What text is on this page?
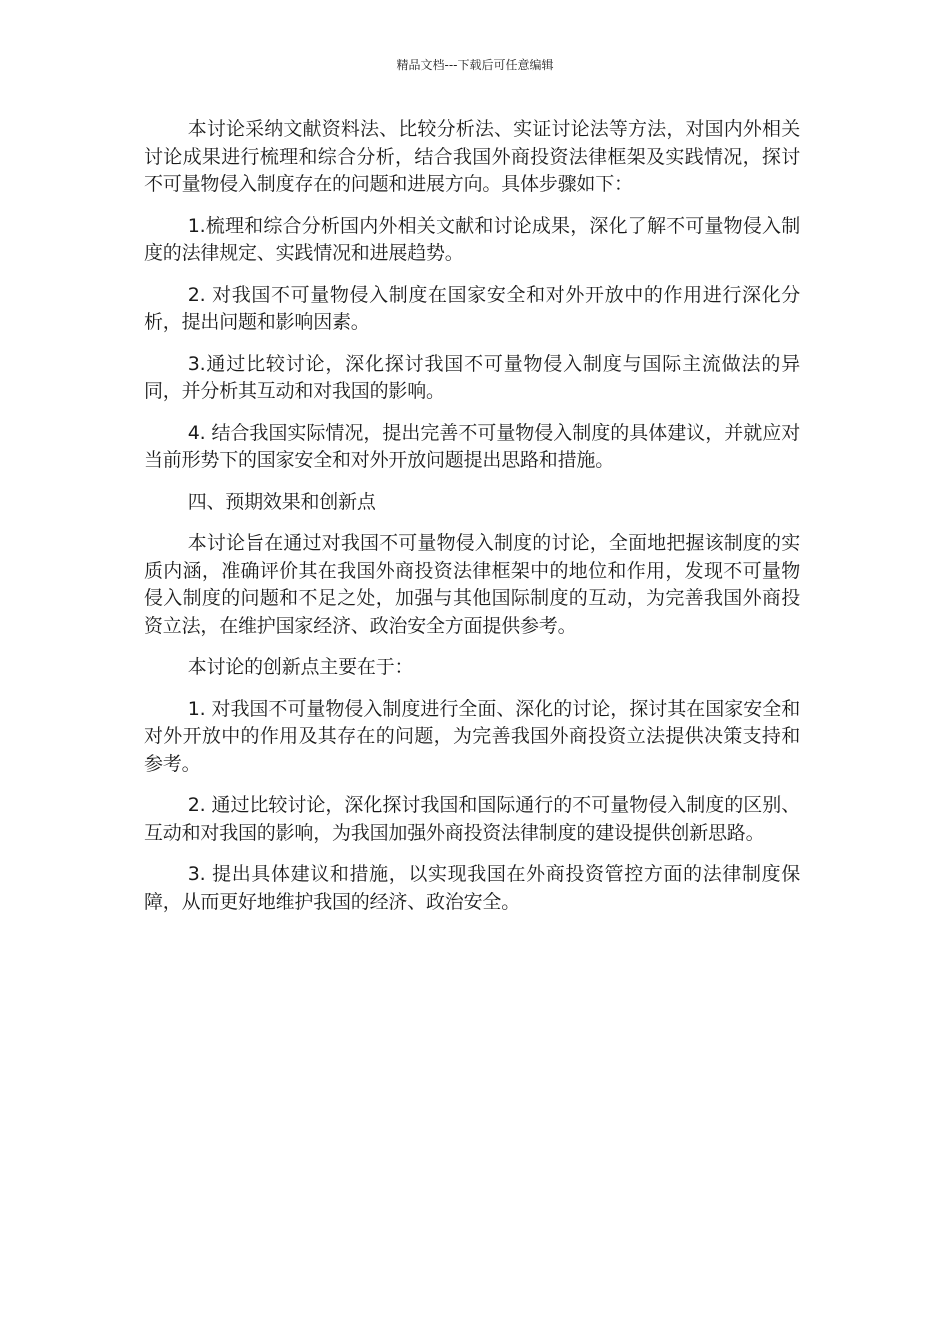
精品文档---下载后可任意编辑

本讨论采纳文献资料法、比较分析法、实证讨论法等方法，对国内外相关讨论成果进行梳理和综合分析，结合我国外商投资法律框架及实践情况，探讨不可量物侵入制度存在的问题和进展方向。具体步骤如下：

1.梳理和综合分析国内外相关文献和讨论成果，深化了解不可量物侵入制度的法律规定、实践情况和进展趋势。

2. 对我国不可量物侵入制度在国家安全和对外开放中的作用进行深化分析，提出问题和影响因素。

3.通过比较讨论，深化探讨我国不可量物侵入制度与国际主流做法的异同，并分析其互动和对我国的影响。

4. 结合我国实际情况，提出完善不可量物侵入制度的具体建议，并就应对当前形势下的国家安全和对外开放问题提出思路和措施。

四、预期效果和创新点

本讨论旨在通过对我国不可量物侵入制度的讨论，全面地把握该制度的实质内涵，准确评价其在我国外商投资法律框架中的地位和作用，发现不可量物侵入制度的问题和不足之处，加强与其他国际制度的互动，为完善我国外商投资立法，在维护国家经济、政治安全方面提供参考。

本讨论的创新点主要在于：

1. 对我国不可量物侵入制度进行全面、深化的讨论，探讨其在国家安全和对外开放中的作用及其存在的问题，为完善我国外商投资立法提供决策支持和参考。

2. 通过比较讨论，深化探讨我国和国际通行的不可量物侵入制度的区别、互动和对我国的影响，为我国加强外商投资法律制度的建设提供创新思路。

3. 提出具体建议和措施，以实现我国在外商投资管控方面的法律制度保障，从而更好地维护我国的经济、政治安全。
